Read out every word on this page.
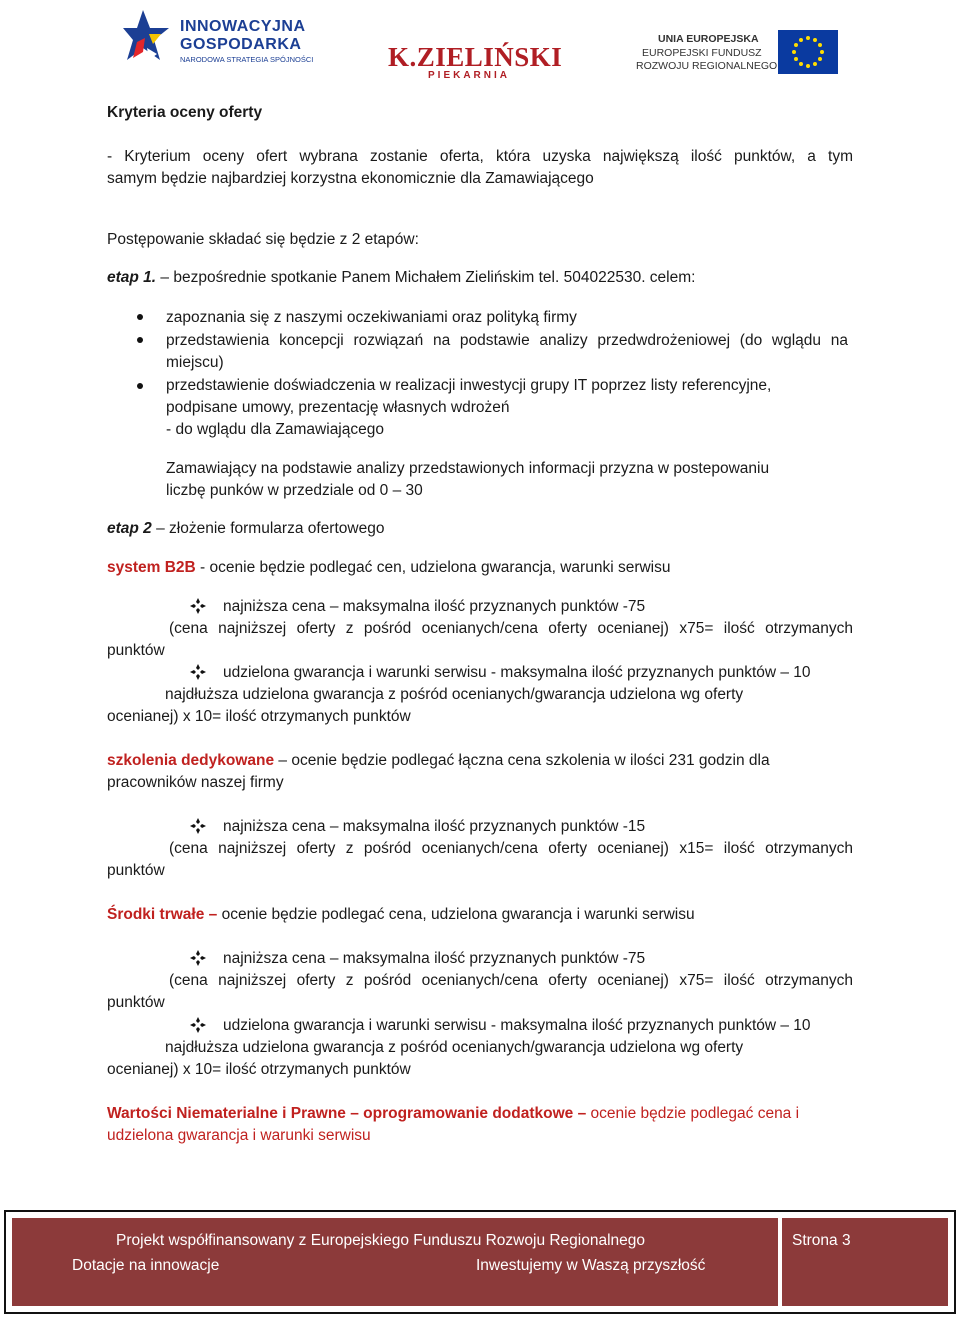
INNOWACYJNA
GOSPODARKA
NARODOWA STRATEGIA SPÓJNOŚCI	K.ZIELIŃSKI
PIEKARNIA
UNIA EUROPEJSKA
EUROPEJSKI FUNDUSZ
ROZWOJU REGIONALNEGO
Kryteria oceny oferty
- Kryterium oceny ofert wybrana zostanie oferta, która uzyska największą ilość punktów, a tym
samym będzie najbardziej korzystna ekonomicznie dla Zamawiającego
Postępowanie składać się będzie z 2 etapów:
etap 1. – bezpośrednie spotkanie Panem Michałem Zielińskim tel. 504022530. celem:
zapoznania się z naszymi oczekiwaniami oraz polityką firmy
przedstawienia koncepcji rozwiązań na podstawie analizy przedwdrożeniowej (do wglądu na
miejscu)
przedstawienie doświadczenia w realizacji inwestycji grupy IT poprzez listy referencyjne,
podpisane umowy, prezentację własnych wdrożeń
- do wglądu dla Zamawiającego
Zamawiający na podstawie analizy przedstawionych informacji przyzna w postepowaniu
liczbę punków w przedziale od 0 – 30
etap 2 – złożenie formularza ofertowego
system B2B - ocenie będzie podlegać cen, udzielona gwarancja, warunki serwisu
najniższa cena – maksymalna ilość przyznanych punktów -75
(cena najniższej oferty z pośród ocenianych/cena oferty ocenianej) x75= ilość otrzymanych
punktów
udzielona gwarancja i warunki serwisu - maksymalna ilość przyznanych punktów – 10
najdłuższa udzielona gwarancja z pośród ocenianych/gwarancja udzielona wg oferty
ocenianej) x 10= ilość otrzymanych punktów
szkolenia dedykowane – ocenie będzie podlegać łączna cena szkolenia w ilości 231 godzin dla
pracowników naszej firmy
najniższa cena – maksymalna ilość przyznanych punktów -15
(cena najniższej oferty z pośród ocenianych/cena oferty ocenianej) x15= ilość otrzymanych
punktów
Środki trwałe – ocenie będzie podlegać cena, udzielona gwarancja i warunki serwisu
najniższa cena – maksymalna ilość przyznanych punktów -75
(cena najniższej oferty z pośród ocenianych/cena oferty ocenianej) x75= ilość otrzymanych
punktów
udzielona gwarancja i warunki serwisu - maksymalna ilość przyznanych punktów – 10
najdłuższa udzielona gwarancja z pośród ocenianych/gwarancja udzielona wg oferty
ocenianej) x 10= ilość otrzymanych punktów
Wartości Niematerialne i Prawne – oprogramowanie dodatkowe – ocenie będzie podlegać cena i
udzielona gwarancja i warunki serwisu
Projekt współfinansowany z Europejskiego Funduszu Rozwoju Regionalnego
Dotacje na innowacje	Inwestujemy w Waszą przyszłość
Strona 3
